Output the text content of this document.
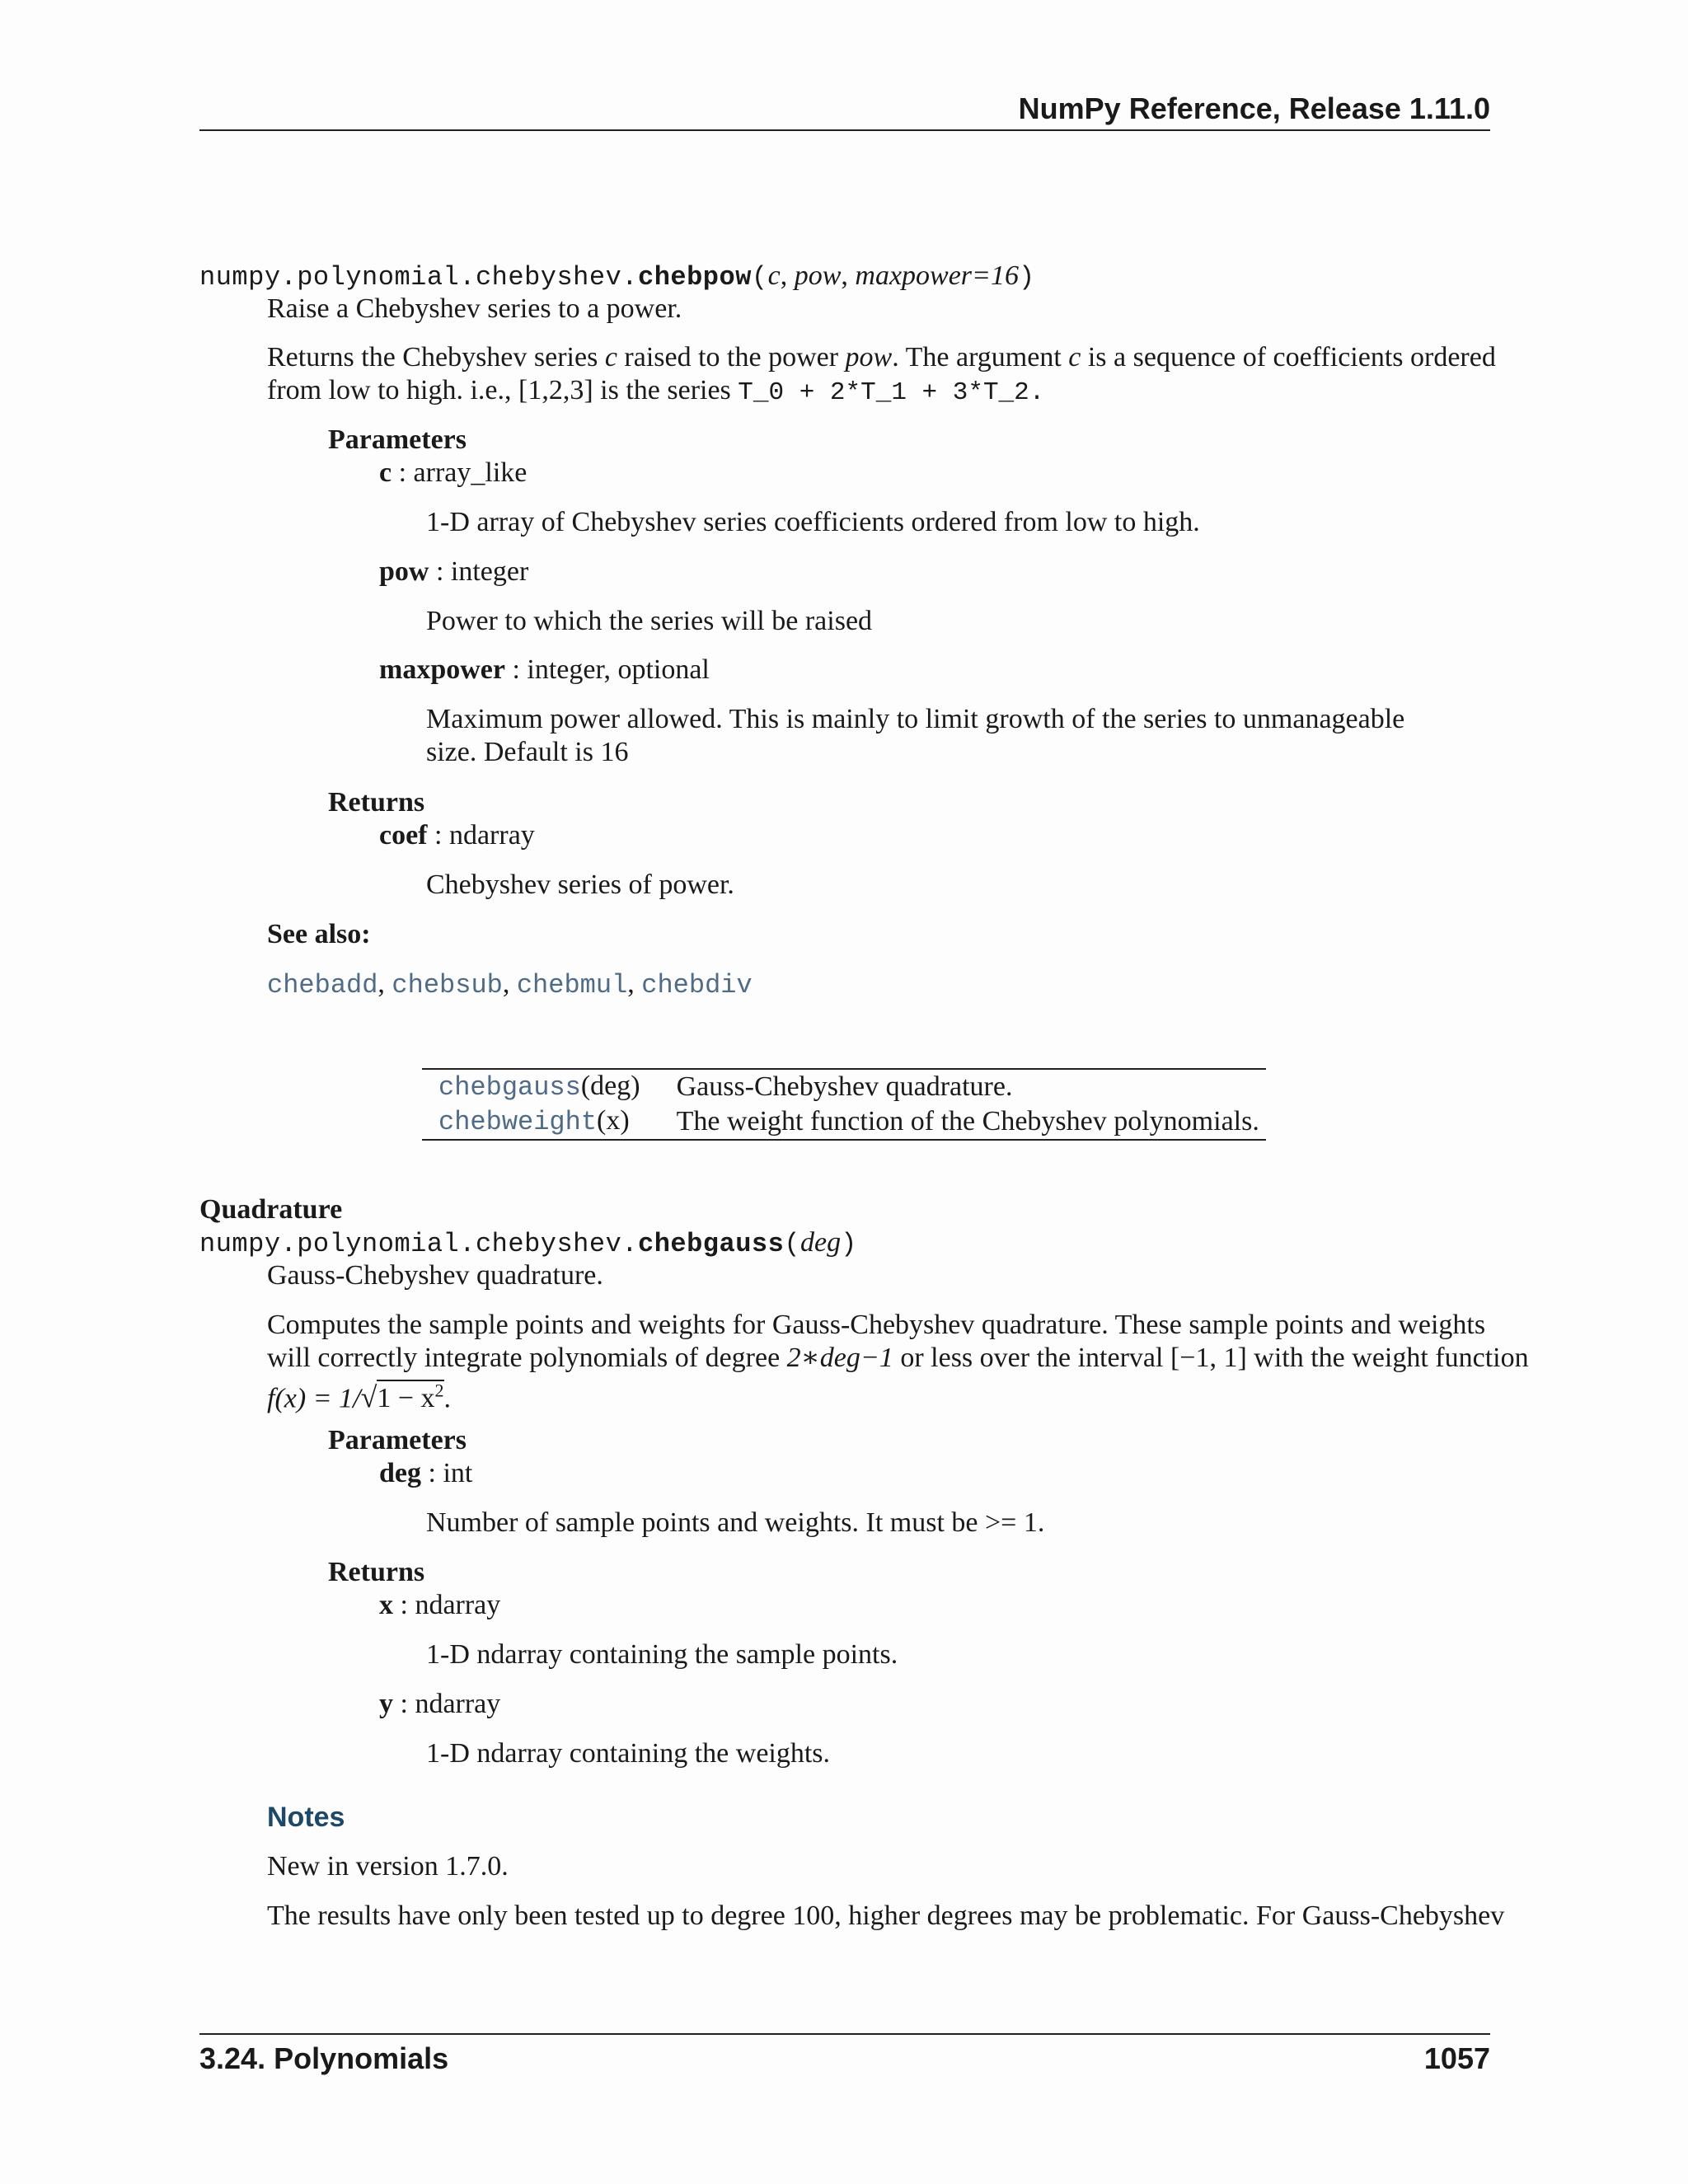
NumPy Reference, Release 1.11.0
numpy.polynomial.chebyshev.chebpow(c, pow, maxpower=16)
Raise a Chebyshev series to a power.
Returns the Chebyshev series c raised to the power pow. The argument c is a sequence of coefficients ordered
from low to high. i.e., [1,2,3] is the series T_0 + 2*T_1 + 3*T_2.
Parameters
c : array_like
1-D array of Chebyshev series coefficients ordered from low to high.
pow : integer
Power to which the series will be raised
maxpower : integer, optional
Maximum power allowed. This is mainly to limit growth of the series to unmanageable
size. Default is 16
Returns
coef : ndarray
Chebyshev series of power.
See also:
chebadd, chebsub, chebmul, chebdiv
chebgauss(deg)	Gauss-Chebyshev quadrature.
chebweight(x)	The weight function of the Chebyshev polynomials.
Quadrature
numpy.polynomial.chebyshev.chebgauss(deg)
Gauss-Chebyshev quadrature.
Computes the sample points and weights for Gauss-Chebyshev quadrature. These sample points and weights
will correctly integrate polynomials of degree 2∗deg−1 or less over the interval [−1, 1] with the weight function
$f(x) = 1/√1 - x^2$.
Parameters
deg : int
Number of sample points and weights. It must be >= 1.
Returns
x : ndarray
1-D ndarray containing the sample points.
y : ndarray
1-D ndarray containing the weights.
Notes
New in version 1.7.0.
The results have only been tested up to degree 100, higher degrees may be problematic. For Gauss-Chebyshev
3.24. Polynomials	1057
